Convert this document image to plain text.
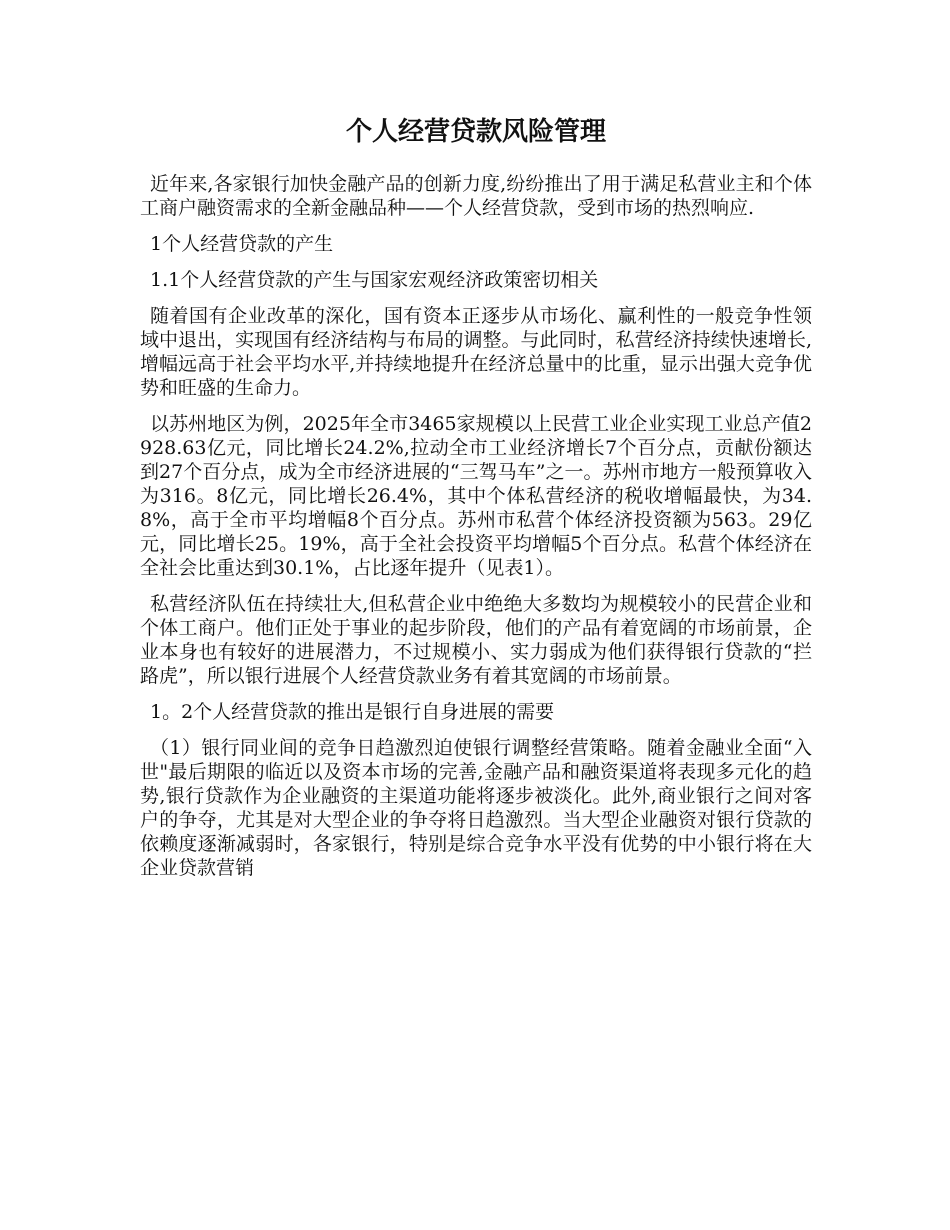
个人经营贷款风险管理

近年来,各家银行加快金融产品的创新力度,纷纷推出了用于满足私营业主和个体工商户融资需求的全新金融品种——个人经营贷款，受到市场的热烈响应.

1个人经营贷款的产生

1.1个人经营贷款的产生与国家宏观经济政策密切相关

随着国有企业改革的深化，国有资本正逐步从市场化、赢利性的一般竞争性领域中退出，实现国有经济结构与布局的调整。与此同时，私营经济持续快速增长,增幅远高于社会平均水平,并持续地提升在经济总量中的比重，显示出强大竞争优势和旺盛的生命力。

以苏州地区为例，2025年全市3465家规模以上民营工业企业实现工业总产值2928.63亿元，同比增长24.2%,拉动全市工业经济增长7个百分点，贡献份额达到27个百分点，成为全市经济进展的“三驾马车”之一。苏州市地方一般预算收入为316。8亿元，同比增长26.4%，其中个体私营经济的税收增幅最快，为34.8%，高于全市平均增幅8个百分点。苏州市私营个体经济投资额为563。29亿元，同比增长25。19%，高于全社会投资平均增幅5个百分点。私营个体经济在全社会比重达到30.1%，占比逐年提升（见表1）。

私营经济队伍在持续壮大,但私营企业中绝绝大多数均为规模较小的民营企业和个体工商户。他们正处于事业的起步阶段，他们的产品有着宽阔的市场前景，企业本身也有较好的进展潜力，不过规模小、实力弱成为他们获得银行贷款的“拦路虎”，所以银行进展个人经营贷款业务有着其宽阔的市场前景。

1。2个人经营贷款的推出是银行自身进展的需要

（1）银行同业间的竞争日趋激烈迫使银行调整经营策略。随着金融业全面“入世"最后期限的临近以及资本市场的完善,金融产品和融资渠道将表现多元化的趋势,银行贷款作为企业融资的主渠道功能将逐步被淡化。此外,商业银行之间对客户的争夺，尤其是对大型企业的争夺将日趋激烈。当大型企业融资对银行贷款的依赖度逐渐减弱时，各家银行，特别是综合竞争水平没有优势的中小银行将在大企业贷款营销
